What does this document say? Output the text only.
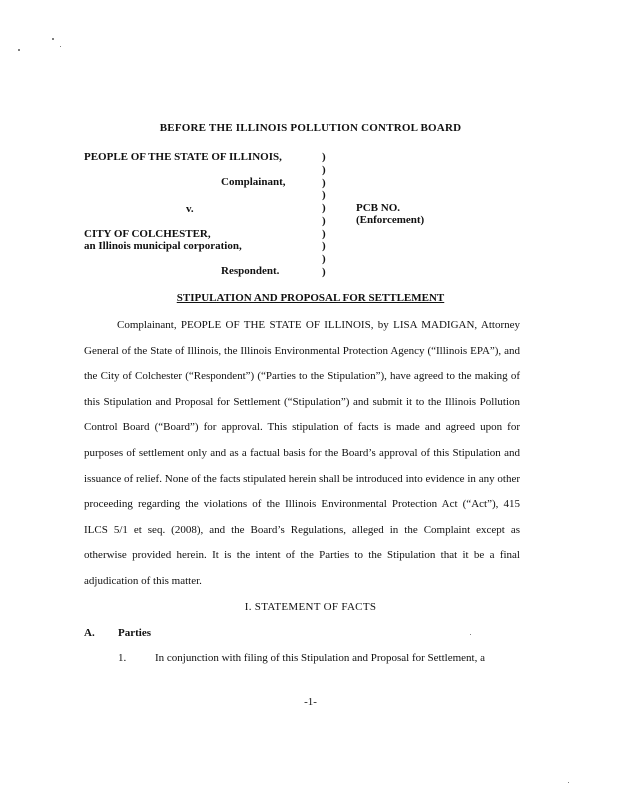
BEFORE THE ILLINOIS POLLUTION CONTROL BOARD
PEOPLE OF THE STATE OF ILLINOIS,
Complainant,
v.
CITY OF COLCHESTER,
an Illinois municipal corporation,
Respondent.
)
)
)
)
)
)
)
)
)
)
PCB NO.
(Enforcement)
STIPULATION AND PROPOSAL FOR SETTLEMENT

Complainant, PEOPLE OF THE STATE OF ILLINOIS, by LISA MADIGAN, Attorney General of the State of Illinois, the Illinois Environmental Protection Agency (“Illinois EPA”), and the City of Colchester (“Respondent”) (“Parties to the Stipulation”), have agreed to the making of this Stipulation and Proposal for Settlement (“Stipulation”) and submit it to the Illinois Pollution Control Board (“Board”) for approval. This stipulation of facts is made and agreed upon for purposes of settlement only and as a factual basis for the Board’s approval of this Stipulation and issuance of relief. None of the facts stipulated herein shall be introduced into evidence in any other proceeding regarding the violations of the Illinois Environmental Protection Act (“Act”), 415 ILCS 5/1 et seq. (2008), and the Board’s Regulations, alleged in the Complaint except as otherwise provided herein. It is the intent of the Parties to the Stipulation that it be a final adjudication of this matter.

I. STATEMENT OF FACTS
A. Parties
1.	In conjunction with filing of this Stipulation and Proposal for Settlement, a
-1-
